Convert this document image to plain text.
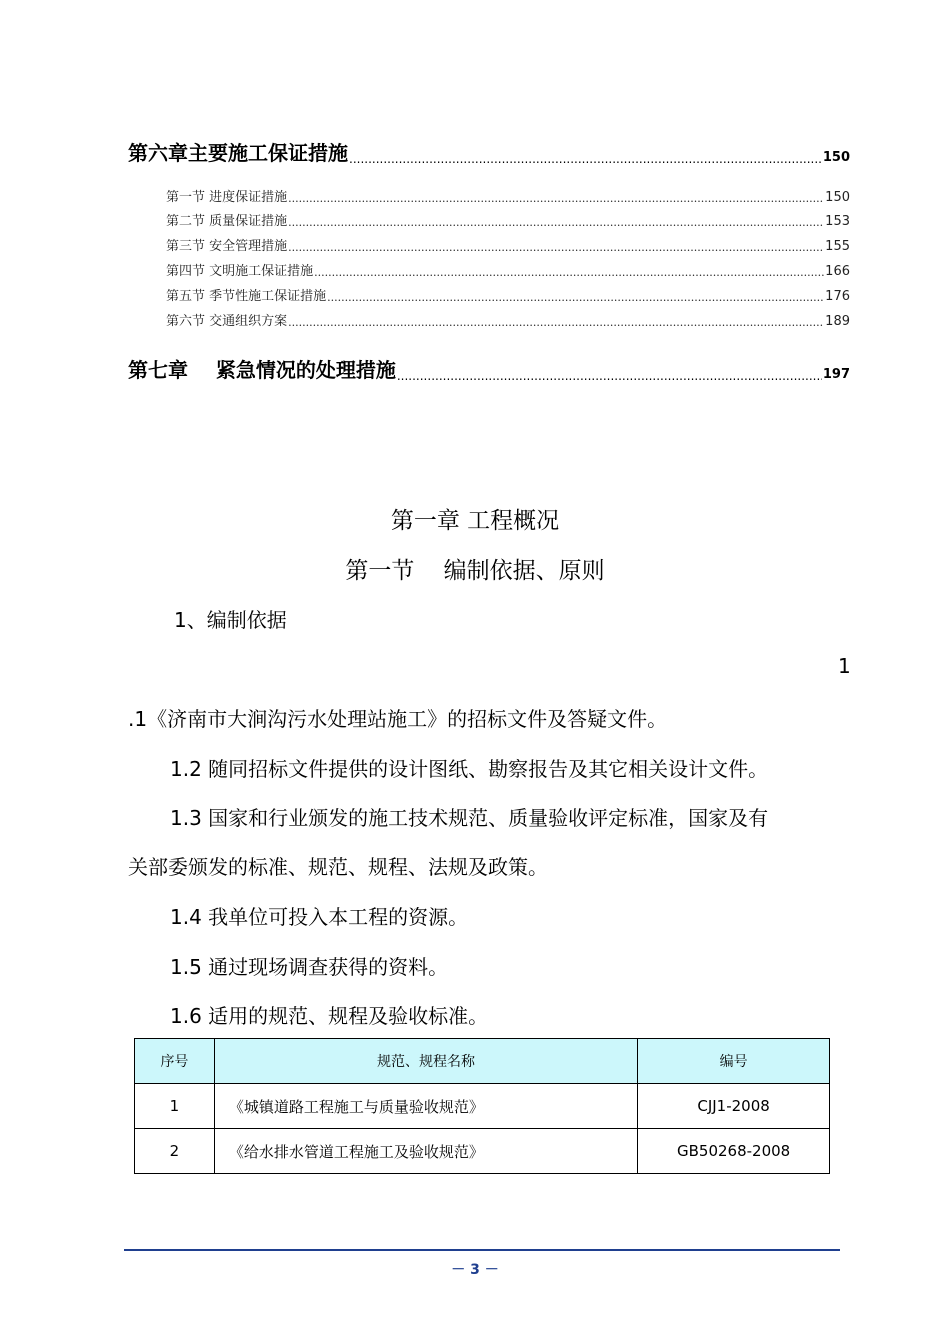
第六章主要施工保证措施 .....	150
第一节 进度保证措施 .....	150
第二节 质量保证措施 .....	153
第三节 安全管理措施 .....	155
第四节 文明施工保证措施 .....	166
第五节 季节性施工保证措施 .....	176
第六节 交通组织方案 .....	189
第七章    紧急情况的处理措施 .....	197
第一章 工程概况
第一节    编制依据、原则
1、编制依据
1
.1《济南市大涧沟污水处理站施工》的招标文件及答疑文件。
1.2 随同招标文件提供的设计图纸、勘察报告及其它相关设计文件。
1.3 国家和行业颁发的施工技术规范、质量验收评定标准，国家及有
关部委颁发的标准、规范、规程、法规及政策。
1.4 我单位可投入本工程的资源。
1.5 通过现场调查获得的资料。
1.6 适用的规范、规程及验收标准。
序号	规范、规程名称	编号
1	《城镇道路工程施工与质量验收规范》	CJJ1-2008
2	《给水排水管道工程施工及验收规范》	GB50268-2008
－ 3 －
